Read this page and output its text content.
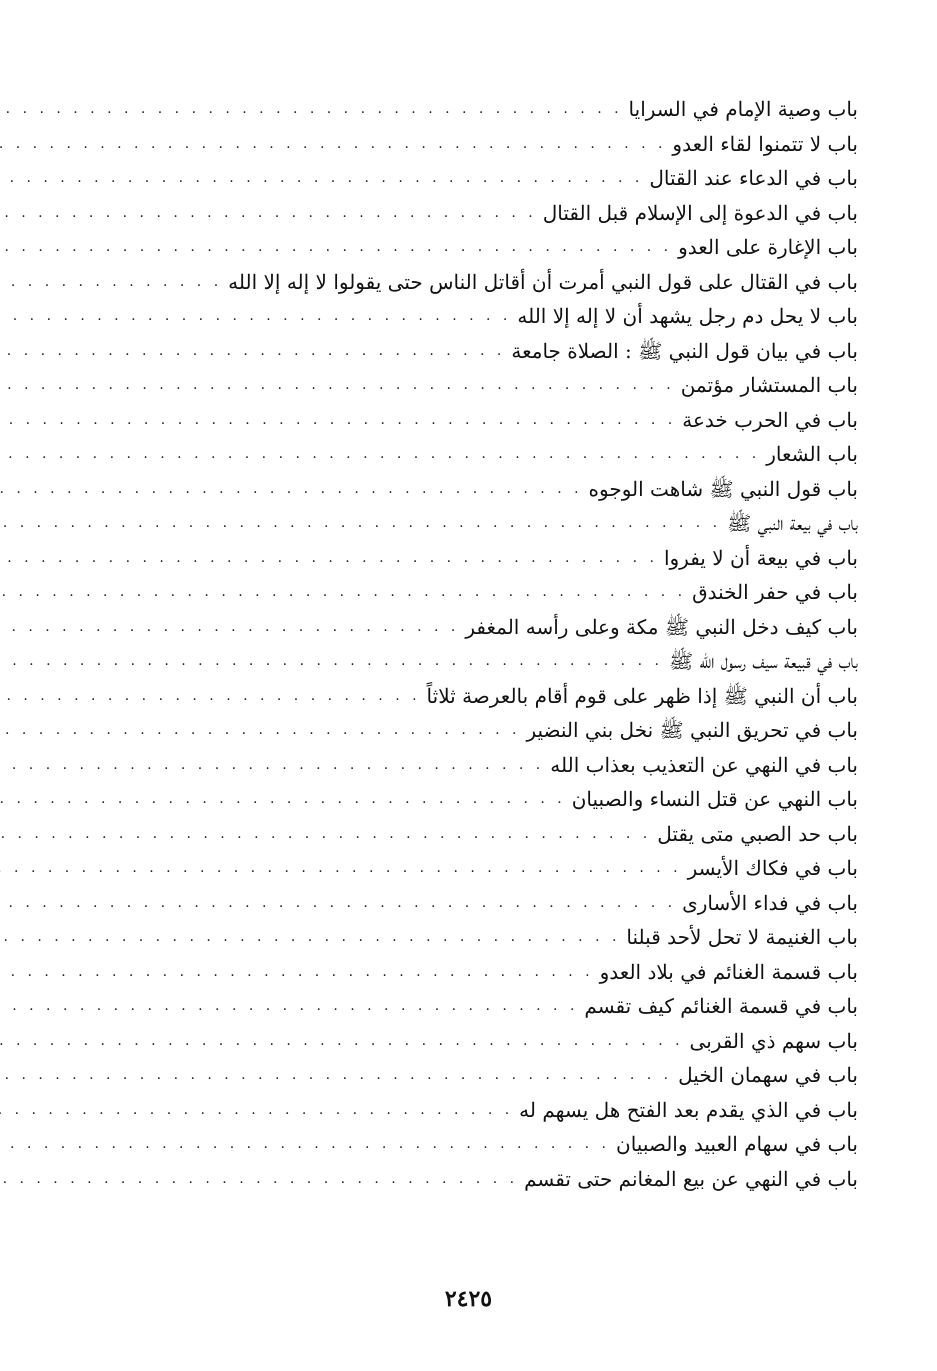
باب وصية الإمام في السرايا
. . .
باب لا تتمنوا لقاء العدو
. . .
باب في الدعاء عند القتال
. . .
باب في الدعوة إلى الإسلام قبل القتال
. . .
باب الإغارة على العدو
. . .
باب في القتال على قول النبي أمرت أن أقاتل الناس حتى يقولوا لا إله إلا الله
. . .
باب لا يحل دم رجل يشهد أن لا إله إلا الله
. . .
باب في بيان قول النبي ﷺ : الصلاة جامعة
. . .
باب المستشار مؤتمن
. . .
باب في الحرب خدعة
. . .
باب الشعار
. . .
باب قول النبي ﷺ شاهت الوجوه
. . .
باب في بيعة النبي ﷺ
. . .
باب في بيعة أن لا يفروا
. . .
باب في حفر الخندق
. . .
باب كيف دخل النبي ﷺ مكة وعلى رأسه المغفر
. . .
باب في قبيعة سيف رسول الله ﷺ
. . .
باب أن النبي ﷺ إذا ظهر على قوم أقام بالعرصة ثلاثاً
. . .
باب في تحريق النبي ﷺ نخل بني النضير
. . .
باب في النهي عن التعذيب بعذاب الله
. . .
باب النهي عن قتل النساء والصبيان
. . .
باب حد الصبي متى يقتل
. . .
باب في فكاك الأيسر
. . .
باب في فداء الأسارى
. . .
باب الغنيمة لا تحل لأحد قبلنا
. . .
باب قسمة الغنائم في بلاد العدو
. . .
باب في قسمة الغنائم كيف تقسم
. . .
باب سهم ذي القربى
. . .
باب في سهمان الخيل
. . .
باب في الذي يقدم بعد الفتح هل يسهم له
. . .
باب في سهام العبيد والصبيان
. . .
باب في النهي عن بيع المغانم حتى تقسم
. . .
٢٤٢٥
